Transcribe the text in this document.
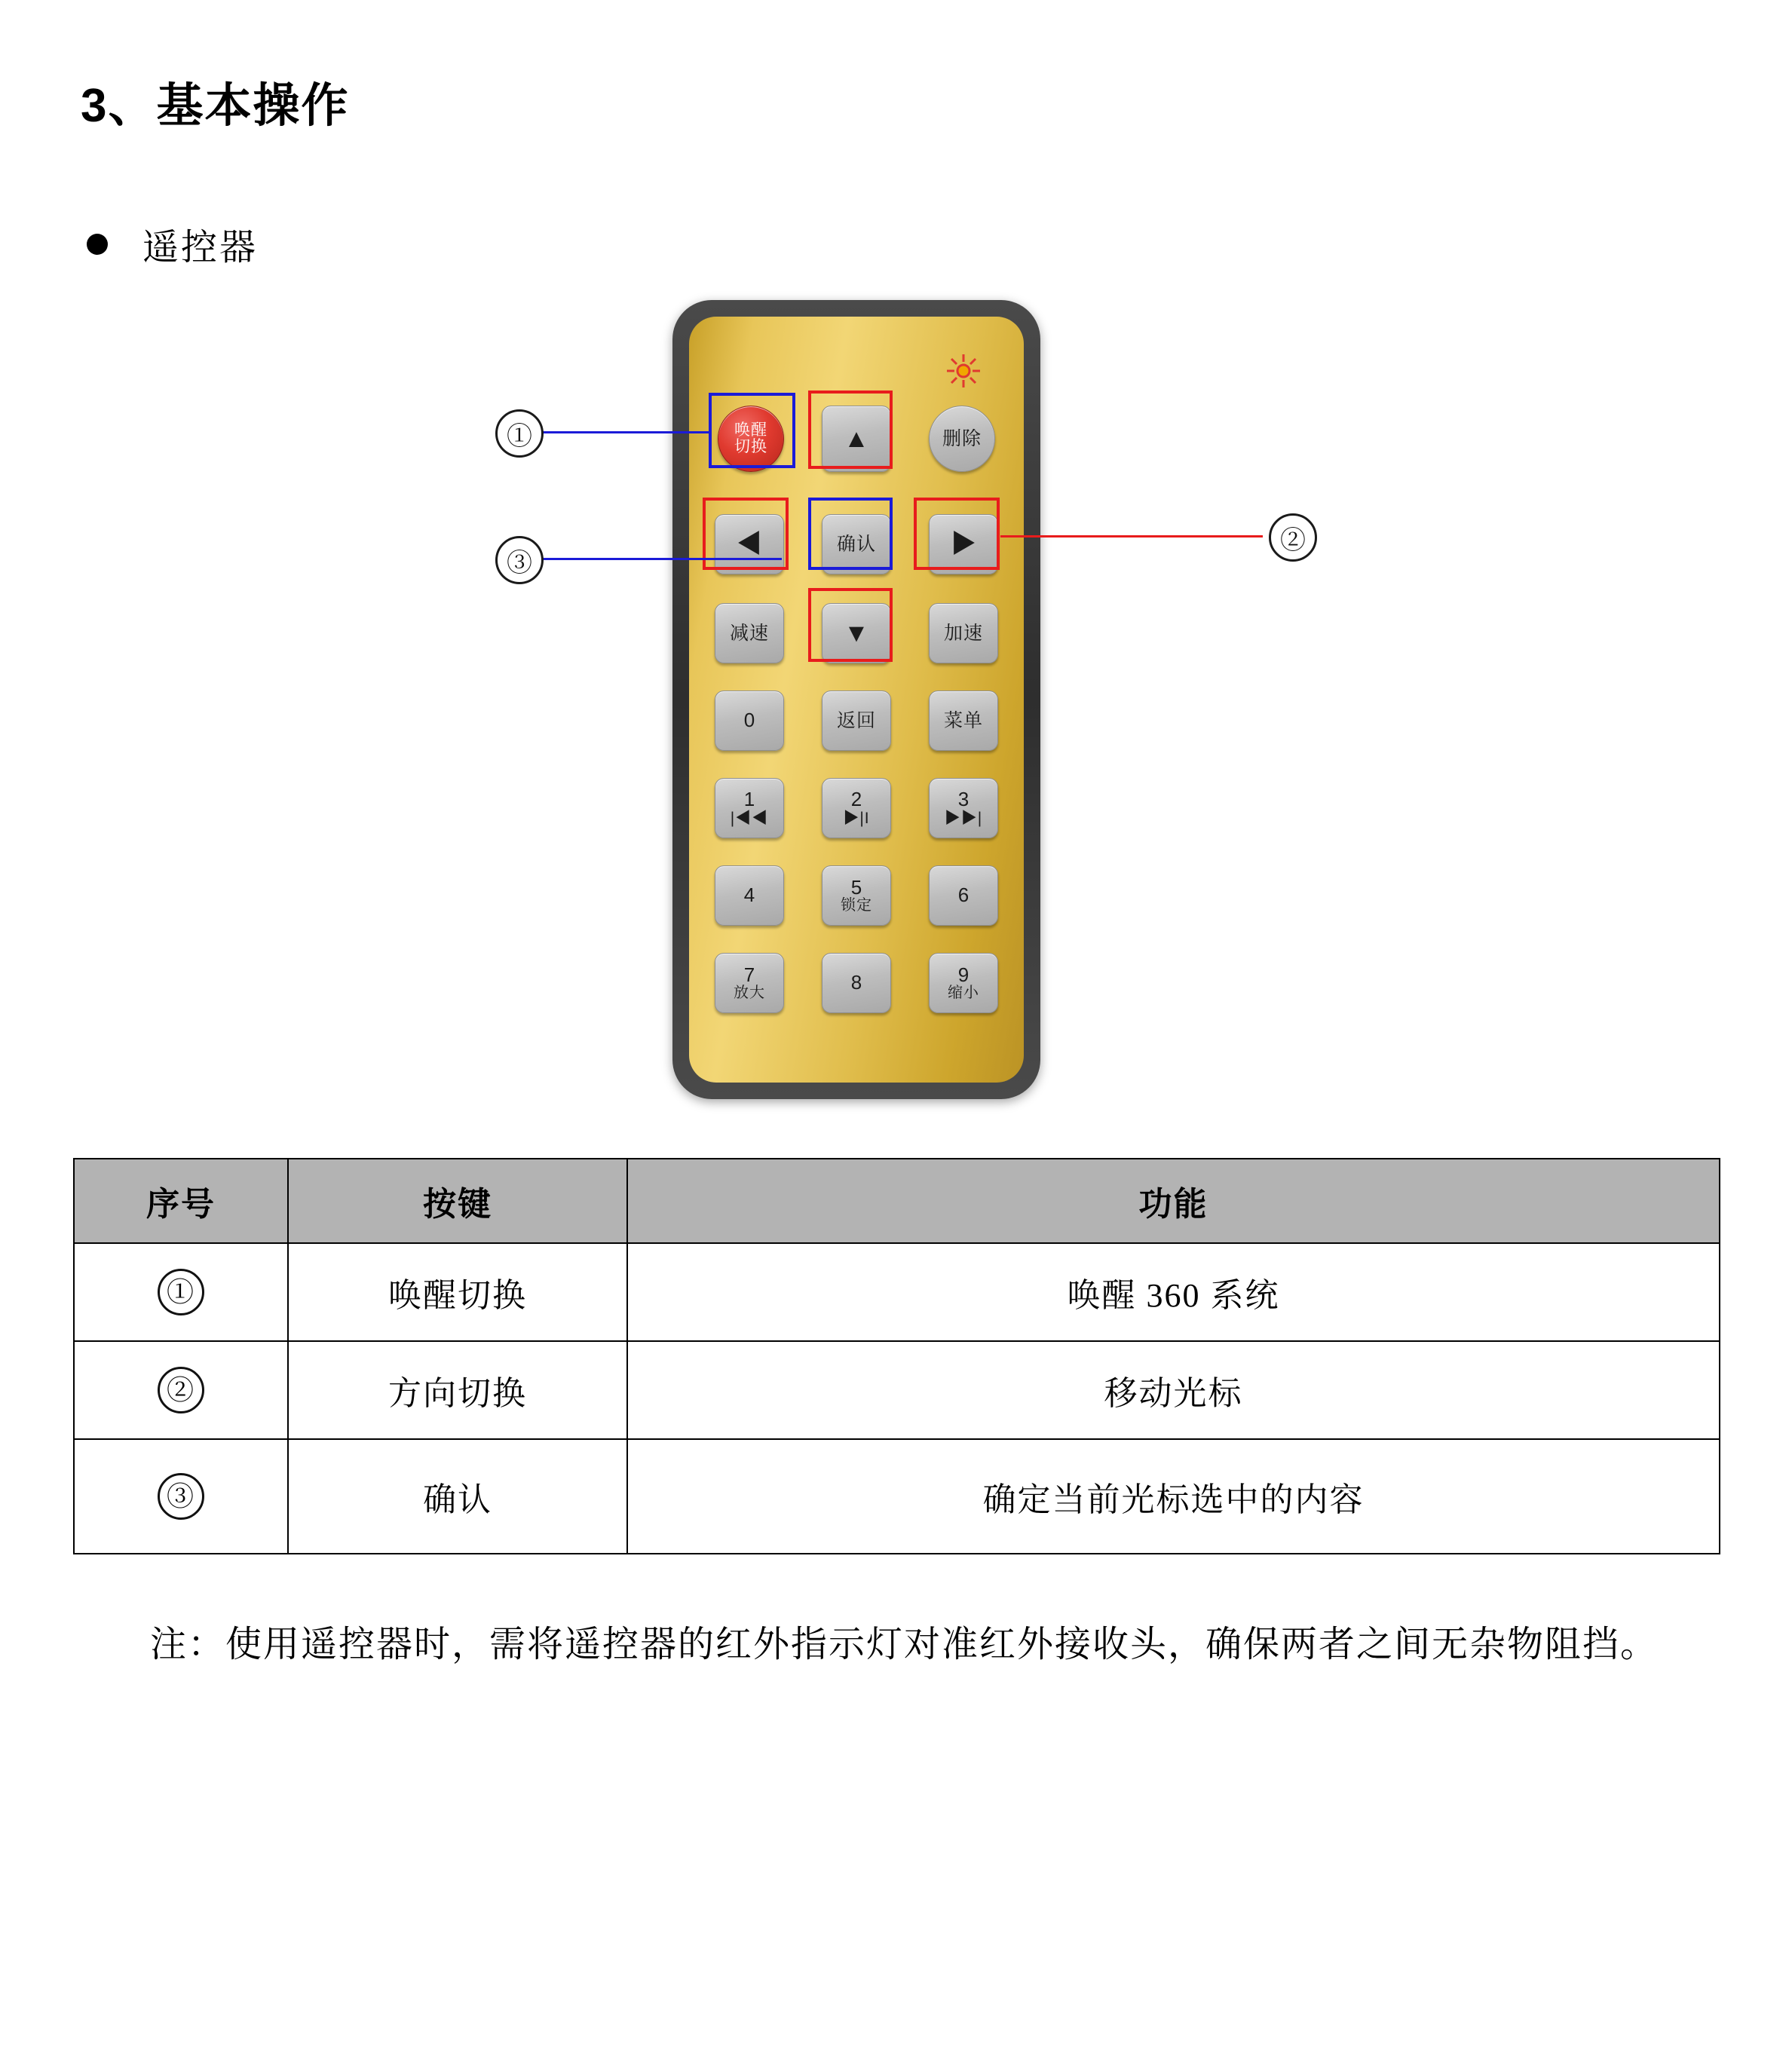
3、基本操作
遥控器
唤醒
切换	▲	删除
◀	确认	▶
减速	▼	加速
0	返回	菜单
1
|◀◀
2
▶|I
3
▶▶|
4	5
锁定	6
7
放大	8	9
缩小
①
②
③
序号	按键	功能
①	唤醒切换	唤醒 360 系统
②	方向切换	移动光标
③	确认	确定当前光标选中的内容
注：使用遥控器时，需将遥控器的红外指示灯对准红外接收头，确保两者之间无杂物阻挡。
